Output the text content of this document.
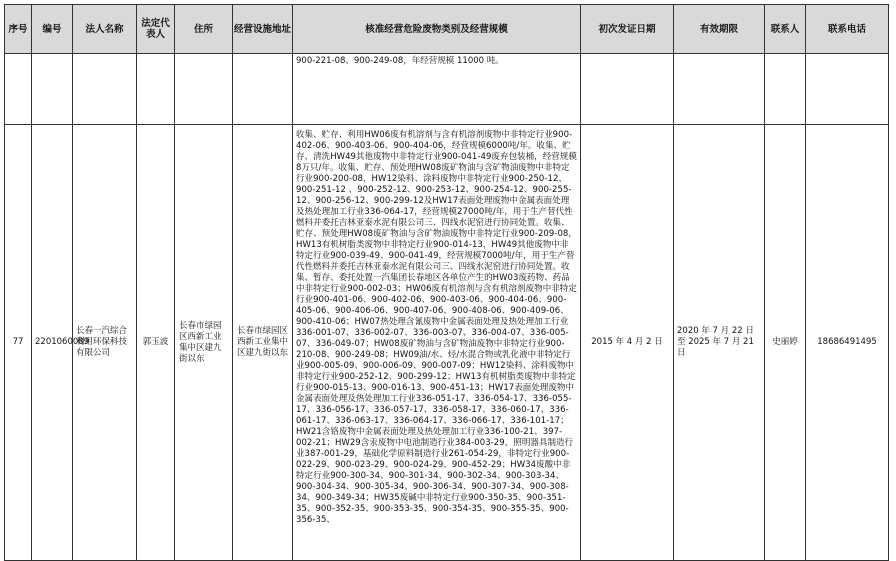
序号	编号	法人名称	法定代表人	住所	经营设施地址	核准经营危险废物类别及经营规模	初次发证日期	有效期限	联系人	联系电话
						900-221-08、900-249-08，年经营规模 11000 吨。				
77	2201060089	长春一汽综合利用环保科技有限公司	郭玉波	长春市绿园区西新工业集中区建九街以东	长春市绿园区西新工业集中区建九街以东	收集、贮存、利用HW06废有机溶剂与含有机溶剂废物中非特定行业900-402-06、900-403-06、900-404-06，经营规模6000吨/年。收集、贮存、清洗HW49其他废物中非特定行业900-041-49废弃包装桶，经营规模8万只/年。收集、贮存、预处理HW08废矿物油与含矿物油废物中非特定行业900-200-08，HW12染料、涂料废物中非特定行业900-250-12、900-251-12 、900-252-12、900-253-12、900-254-12、900-255-12、900-256-12、900-299-12及HW17表面处理废物中金属表面处理及热处理加工行业336-064-17，经营规模27000吨/年，用于生产替代性燃料并委托吉林亚泰水泥有限公司三、四线水泥窑进行协同处置。收集、贮存、预处理HW08废矿物油与含矿物油废物中非特定行业900-209-08，HW13有机树脂类废物中非特定行业900-014-13，HW49其他废物中非特定行业900-039-49、900-041-49，经营规模7000吨/年，用于生产替代性燃料并委托吉林亚泰水泥有限公司三、四线水泥窑进行协同处置。收集、暂存、委托处置一汽集团长春地区各单位产生的HW03废药物、药品中非特定行业900-002-03；HW06废有机溶剂与含有机溶剂废物中非特定行业900-401-06、900-402-06、900-403-06、900-404-06、900-405-06、900-406-06、900-407-06、900-408-06、900-409-06、900-410-06；HW07热处理含氰废物中金属表面处理及热处理加工行业336-001-07、336-002-07、336-003-07、336-004-07、336-005-07、336-049-07；HW08废矿物油与含矿物油废物中非特定行业900-210-08、900-249-08；HW09油/水、烃/水混合物或乳化液中非特定行业900-005-09、900-006-09、900-007-09；HW12染料、涂料废物中非特定行业900-252-12、900-299-12；HW13有机树脂类废物中非特定行业900-015-13、900-016-13、900-451-13；HW17表面处理废物中金属表面处理及热处理加工行业336-051-17、336-054-17、336-055-17、336-056-17、336-057-17、336-058-17、336-060-17、336-061-17、336-063-17、336-064-17、336-066-17、336-101-17；HW21含铬废物中金属表面处理及热处理加工行业336-100-21、397-002-21；HW29含汞废物中电池制造行业384-003-29，照明器具制造行业387-001-29，基础化学原料制造行业261-054-29，非特定行业900-022-29、900-023-29、900-024-29、900-452-29；HW34废酸中非特定行业900-300-34、900-301-34、900-302-34、900-303-34、900-304-34、900-305-34、900-306-34、900-307-34、900-308-34、900-349-34；HW35废碱中非特定行业900-350-35、900-351-35、900-352-35、900-353-35、900-354-35、900-355-35、900-356-35、	2015 年 4 月 2 日	2020 年 7 月 22 日至 2025 年 7 月 21 日	史丽婷	18686491495
